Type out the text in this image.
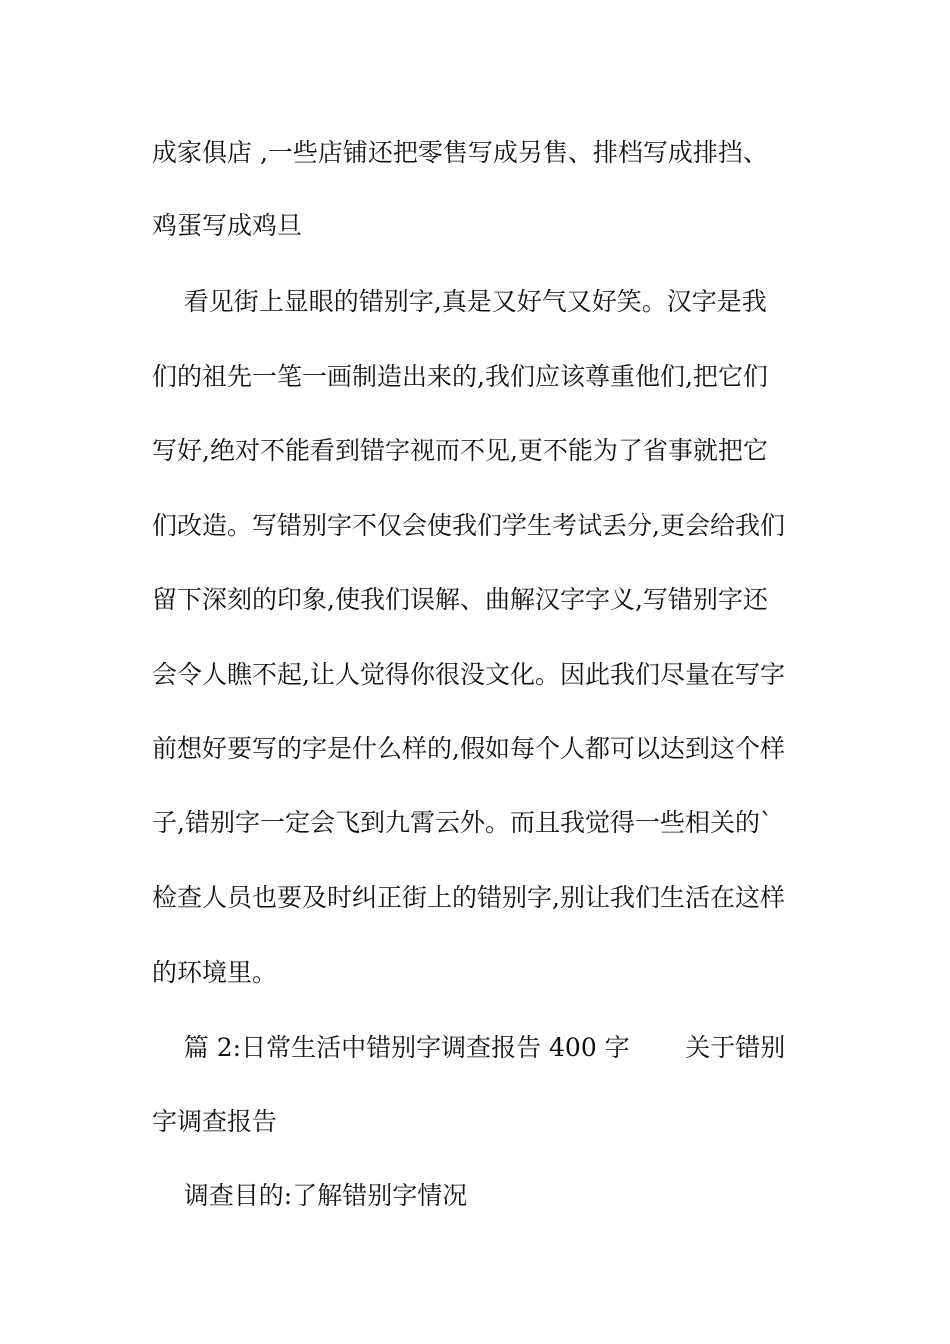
成家俱店 ,一些店铺还把零售写成另售、排档写成排挡、
鸡蛋写成鸡旦
看见街上显眼的错别字,真是又好气又好笑。汉字是我
们的祖先一笔一画制造出来的,我们应该尊重他们,把它们
写好,绝对不能看到错字视而不见,更不能为了省事就把它
们改造。写错别字不仅会使我们学生考试丢分,更会给我们
留下深刻的印象,使我们误解、曲解汉字字义,写错别字还
会令人瞧不起,让人觉得你很没文化。因此我们尽量在写字
前想好要写的字是什么样的,假如每个人都可以达到这个样
子,错别字一定会飞到九霄云外。而且我觉得一些相关的`
检查人员也要及时纠正街上的错别字,别让我们生活在这样
的环境里。
篇 2:日常生活中错别字调查报告 400 字       关于错别
字调查报告
调查目的:了解错别字情况
